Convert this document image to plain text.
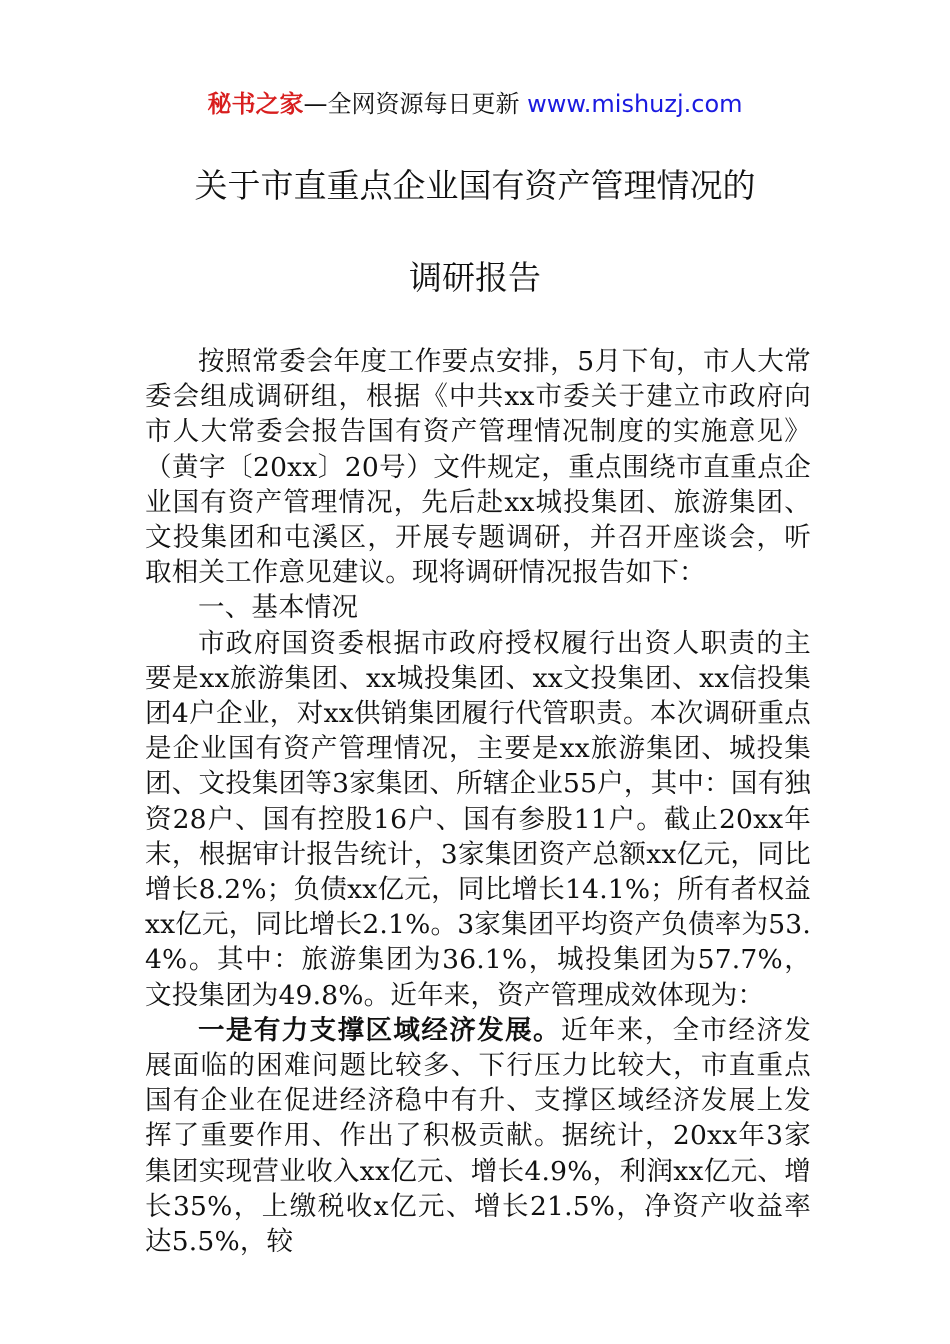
秘书之家—全网资源每日更新 www.mishuzj.com
关于市直重点企业国有资产管理情况的
调研报告

按照常委会年度工作要点安排，5月下旬，市人大常委会组成调研组，根据《中共xx市委关于建立市政府向市人大常委会报告国有资产管理情况制度的实施意见》（黄字〔20xx〕20号）文件规定，重点围绕市直重点企业国有资产管理情况，先后赴xx城投集团、旅游集团、文投集团和屯溪区，开展专题调研，并召开座谈会，听取相关工作意见建议。现将调研情况报告如下：

一、基本情况

市政府国资委根据市政府授权履行出资人职责的主要是xx旅游集团、xx城投集团、xx文投集团、xx信投集团4户企业，对xx供销集团履行代管职责。本次调研重点是企业国有资产管理情况，主要是xx旅游集团、城投集团、文投集团等3家集团、所辖企业55户，其中：国有独资28户、国有控股16户、国有参股11户。截止20xx年末，根据审计报告统计，3家集团资产总额xx亿元，同比增长8.2%；负债xx亿元，同比增长14.1%；所有者权益xx亿元，同比增长2.1%。3家集团平均资产负债率为53.4%。其中：旅游集团为36.1%，城投集团为57.7%，文投集团为49.8%。近年来，资产管理成效体现为：

一是有力支撑区域经济发展。近年来，全市经济发展面临的困难问题比较多、下行压力比较大，市直重点国有企业在促进经济稳中有升、支撑区域经济发展上发挥了重要作用、作出了积极贡献。据统计，20xx年3家集团实现营业收入xx亿元、增长4.9%，利润xx亿元、增长35%，上缴税收x亿元、增长21.5%，净资产收益率达5.5%，较
